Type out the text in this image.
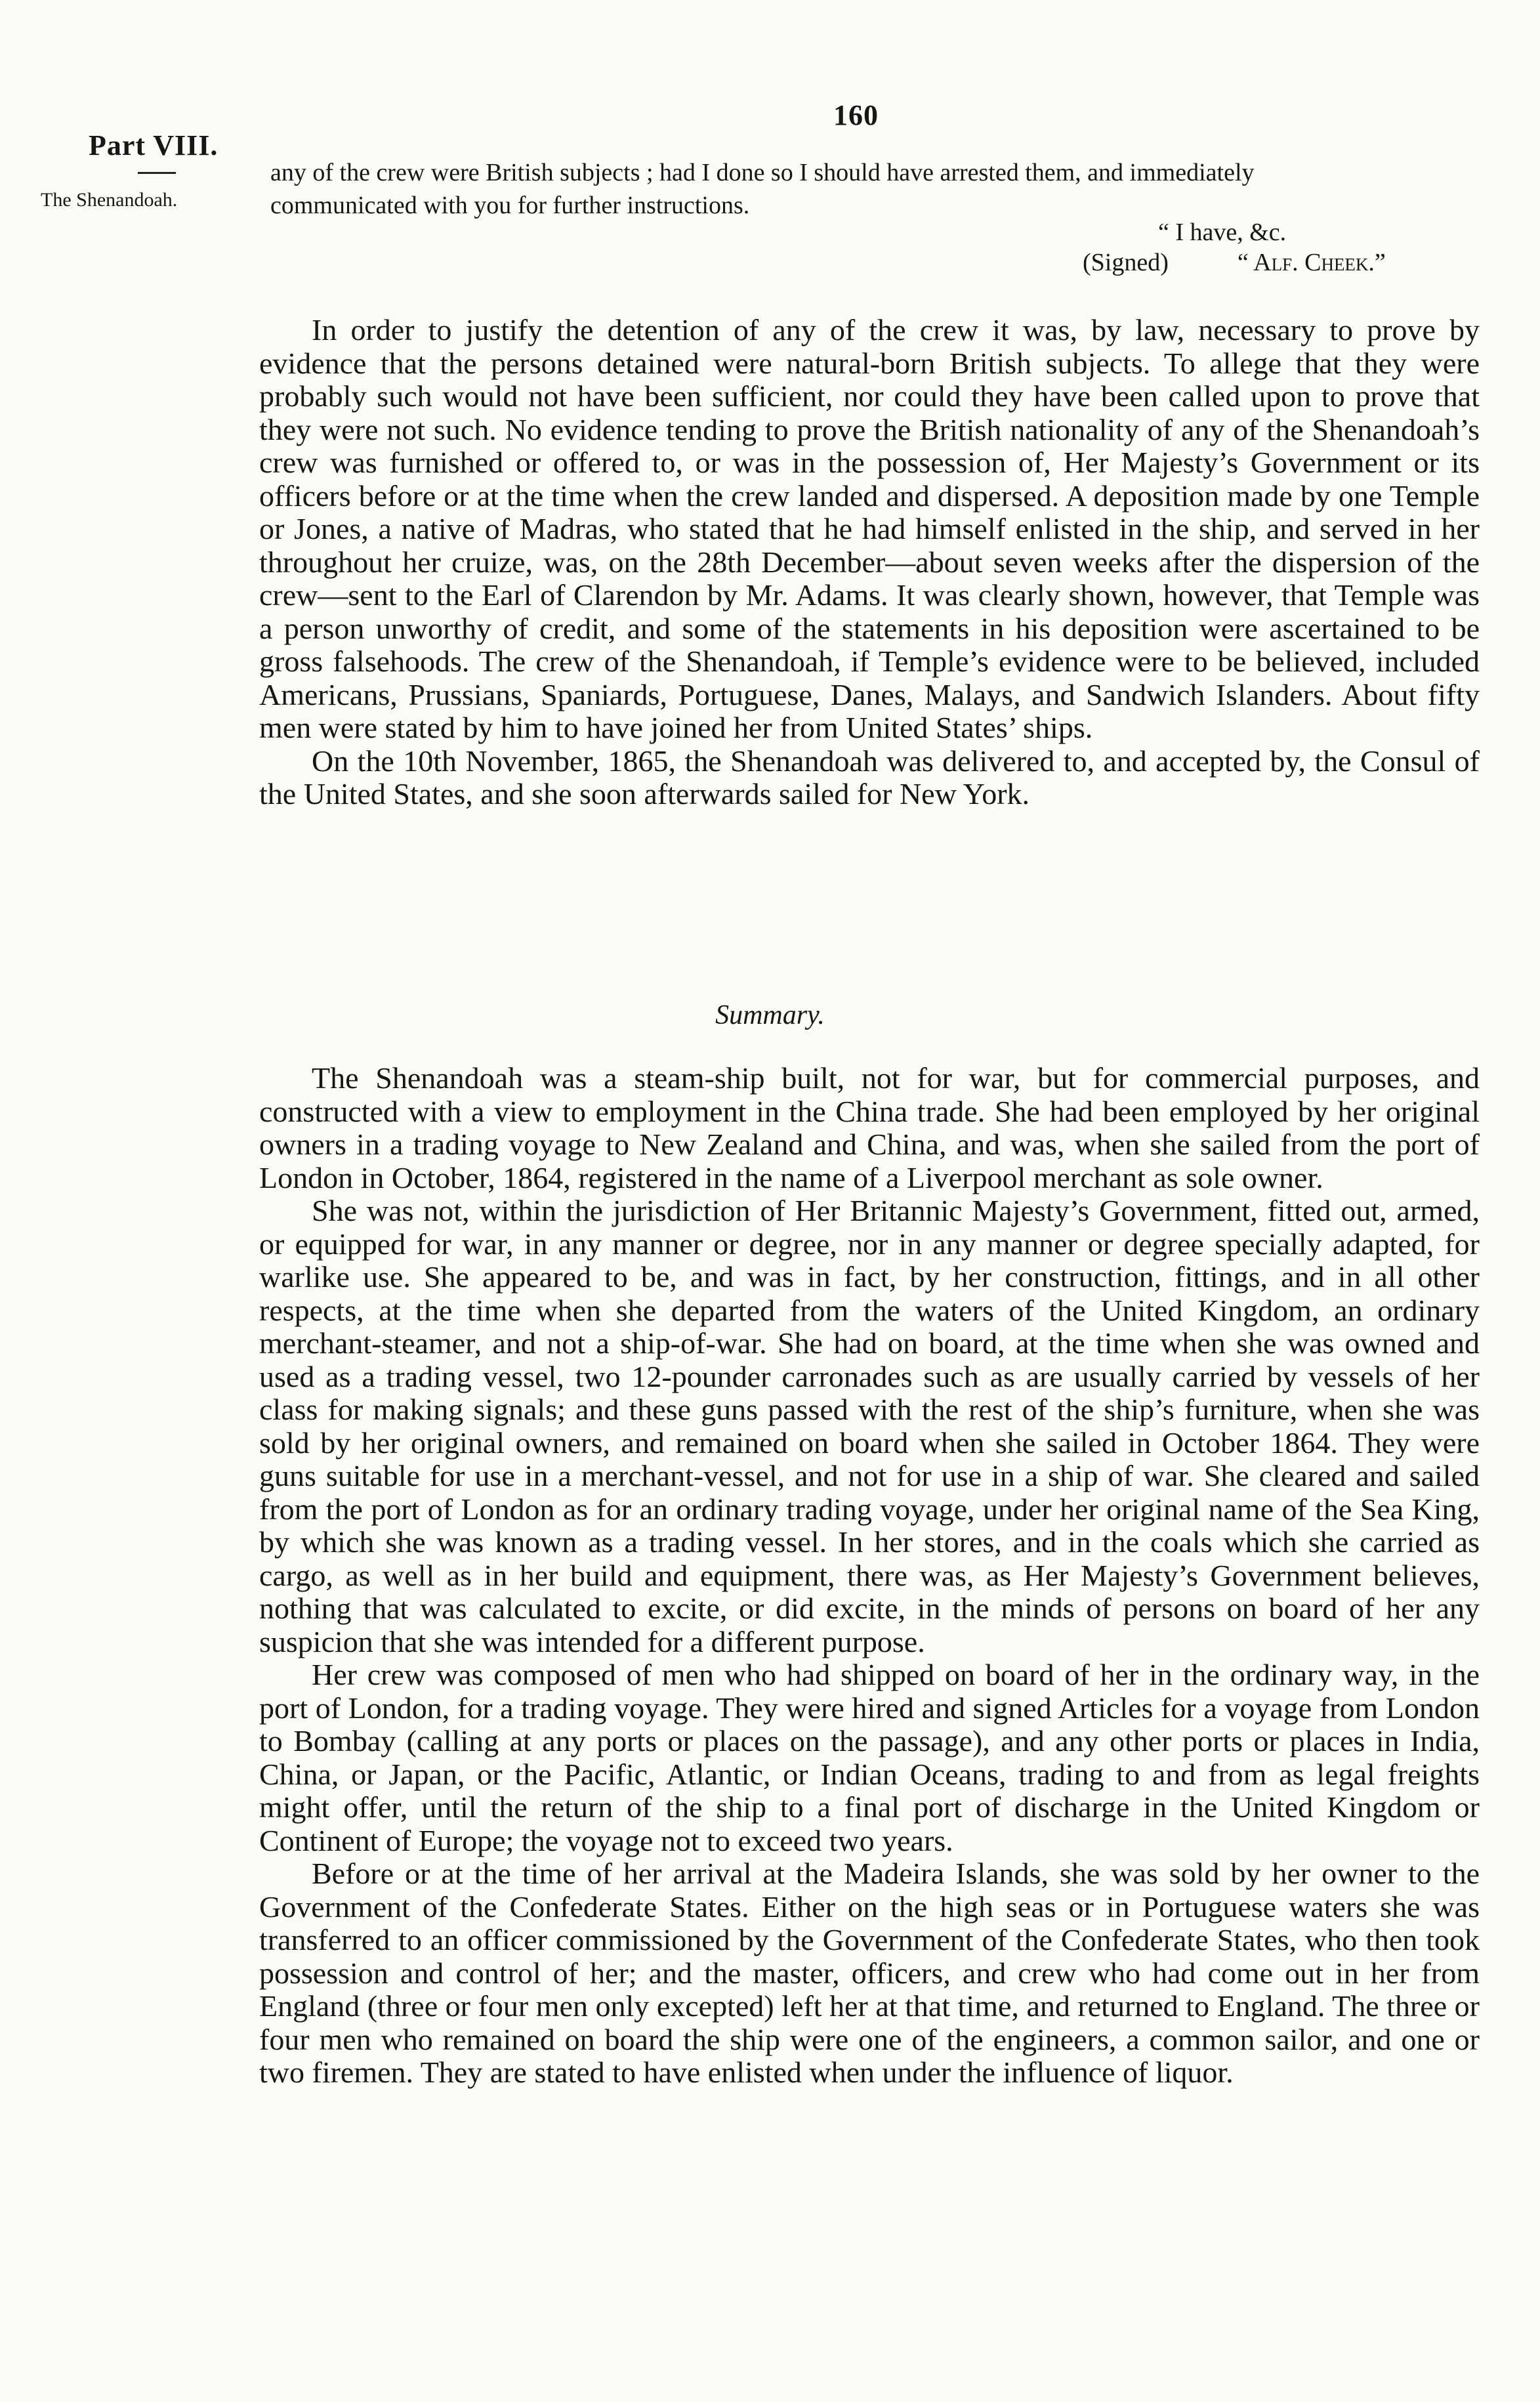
160
Part VIII.
The Shenandoah.
any of the crew were British subjects ; had I done so I should have arrested them, and immediately
communicated with you for further instructions.
“ I have, &c.
(Signed)	“ Alf. Cheek.”

In order to justify the detention of any of the crew it was, by law, necessary to prove by evidence that the persons detained were natural-born British subjects. To allege that they were probably such would not have been sufficient, nor could they have been called upon to prove that they were not such. No evidence tending to prove the British nationality of any of the Shenandoah’s crew was furnished or offered to, or was in the possession of, Her Majesty’s Government or its officers before or at the time when the crew landed and dispersed. A deposition made by one Temple or Jones, a native of Madras, who stated that he had himself enlisted in the ship, and served in her throughout her cruize, was, on the 28th December—about seven weeks after the dispersion of the crew—sent to the Earl of Clarendon by Mr. Adams. It was clearly shown, however, that Temple was a person unworthy of credit, and some of the statements in his deposition were ascertained to be gross falsehoods. The crew of the Shenandoah, if Temple’s evidence were to be believed, included Americans, Prussians, Spaniards, Portuguese, Danes, Malays, and Sandwich Islanders. About fifty men were stated by him to have joined her from United States’ ships.

On the 10th November, 1865, the Shenandoah was delivered to, and accepted by, the Consul of the United States, and she soon afterwards sailed for New York.

Summary.

The Shenandoah was a steam-ship built, not for war, but for commercial purposes, and constructed with a view to employment in the China trade. She had been employed by her original owners in a trading voyage to New Zealand and China, and was, when she sailed from the port of London in October, 1864, registered in the name of a Liverpool merchant as sole owner.

She was not, within the jurisdiction of Her Britannic Majesty’s Government, fitted out, armed, or equipped for war, in any manner or degree, nor in any manner or degree specially adapted, for warlike use. She appeared to be, and was in fact, by her construction, fittings, and in all other respects, at the time when she departed from the waters of the United Kingdom, an ordinary merchant-steamer, and not a ship-of-war. She had on board, at the time when she was owned and used as a trading vessel, two 12-pounder carronades such as are usually carried by vessels of her class for making signals; and these guns passed with the rest of the ship’s furniture, when she was sold by her original owners, and remained on board when she sailed in October 1864. They were guns suitable for use in a merchant-vessel, and not for use in a ship of war. She cleared and sailed from the port of London as for an ordinary trading voyage, under her original name of the Sea King, by which she was known as a trading vessel. In her stores, and in the coals which she carried as cargo, as well as in her build and equipment, there was, as Her Majesty’s Government believes, nothing that was calculated to excite, or did excite, in the minds of persons on board of her any suspicion that she was intended for a different purpose.

Her crew was composed of men who had shipped on board of her in the ordinary way, in the port of London, for a trading voyage. They were hired and signed Articles for a voyage from London to Bombay (calling at any ports or places on the passage), and any other ports or places in India, China, or Japan, or the Pacific, Atlantic, or Indian Oceans, trading to and from as legal freights might offer, until the return of the ship to a final port of discharge in the United Kingdom or Continent of Europe; the voyage not to exceed two years.

Before or at the time of her arrival at the Madeira Islands, she was sold by her owner to the Government of the Confederate States. Either on the high seas or in Portuguese waters she was transferred to an officer commissioned by the Government of the Confederate States, who then took possession and control of her; and the master, officers, and crew who had come out in her from England (three or four men only excepted) left her at that time, and returned to England. The three or four men who remained on board the ship were one of the engineers, a common sailor, and one or two firemen. They are stated to have enlisted when under the influence of liquor.
